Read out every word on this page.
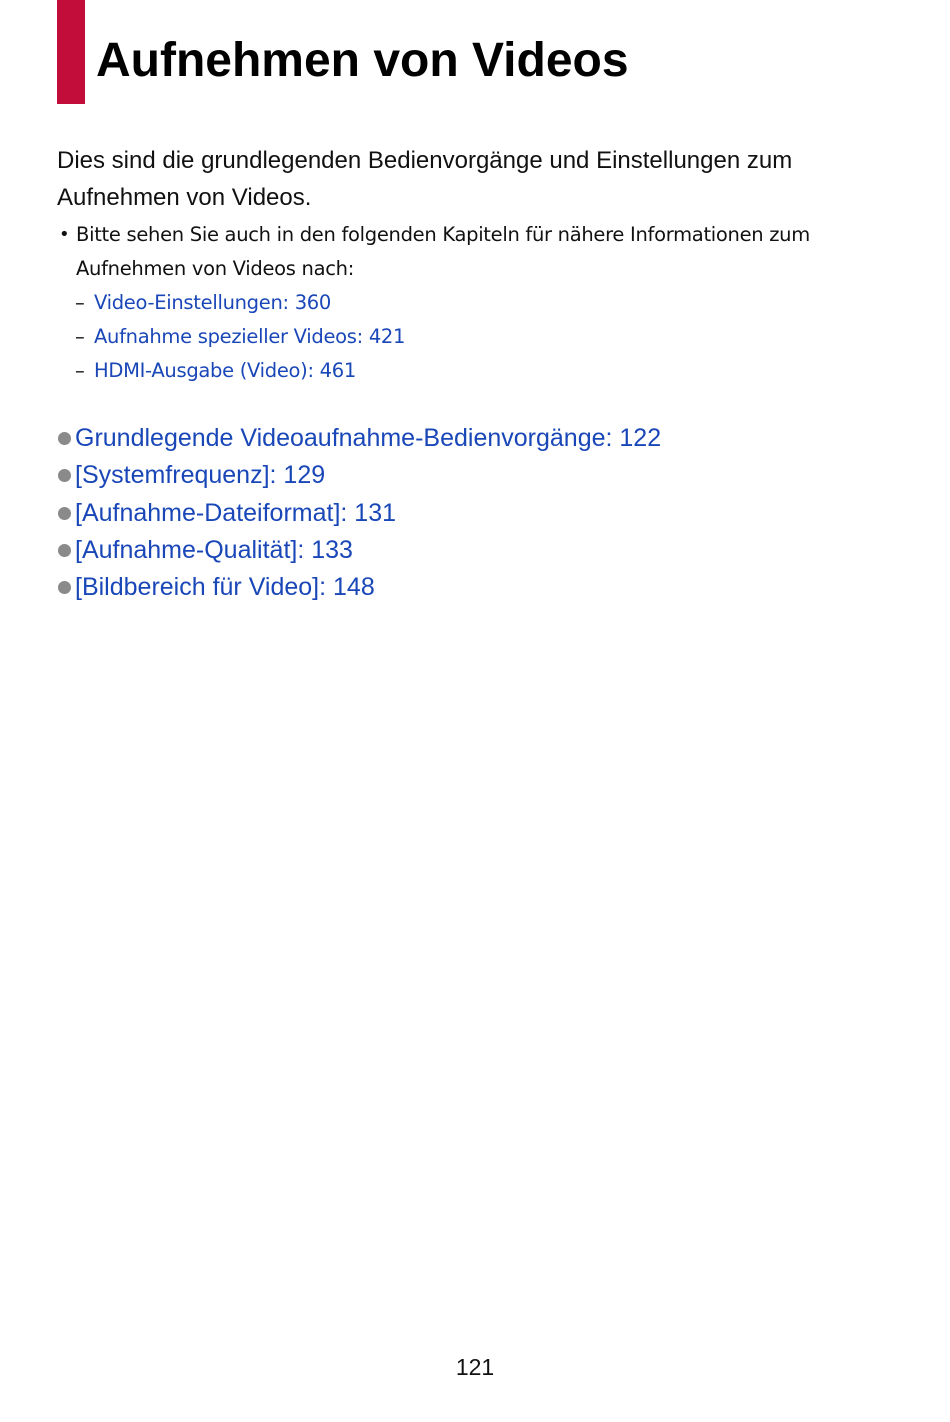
Aufnehmen von Videos

Dies sind die grundlegenden Bedienvorgänge und Einstellungen zum Aufnehmen von Videos.

• Bitte sehen Sie auch in den folgenden Kapiteln für nähere Informationen zum Aufnehmen von Videos nach:
– Video-Einstellungen: 360
– Aufnahme spezieller Videos: 421
– HDMI-Ausgabe (Video): 461
Grundlegende Videoaufnahme-Bedienvorgänge: 122
[Systemfrequenz]: 129
[Aufnahme-Dateiformat]: 131
[Aufnahme-Qualität]: 133
[Bildbereich für Video]: 148
121
